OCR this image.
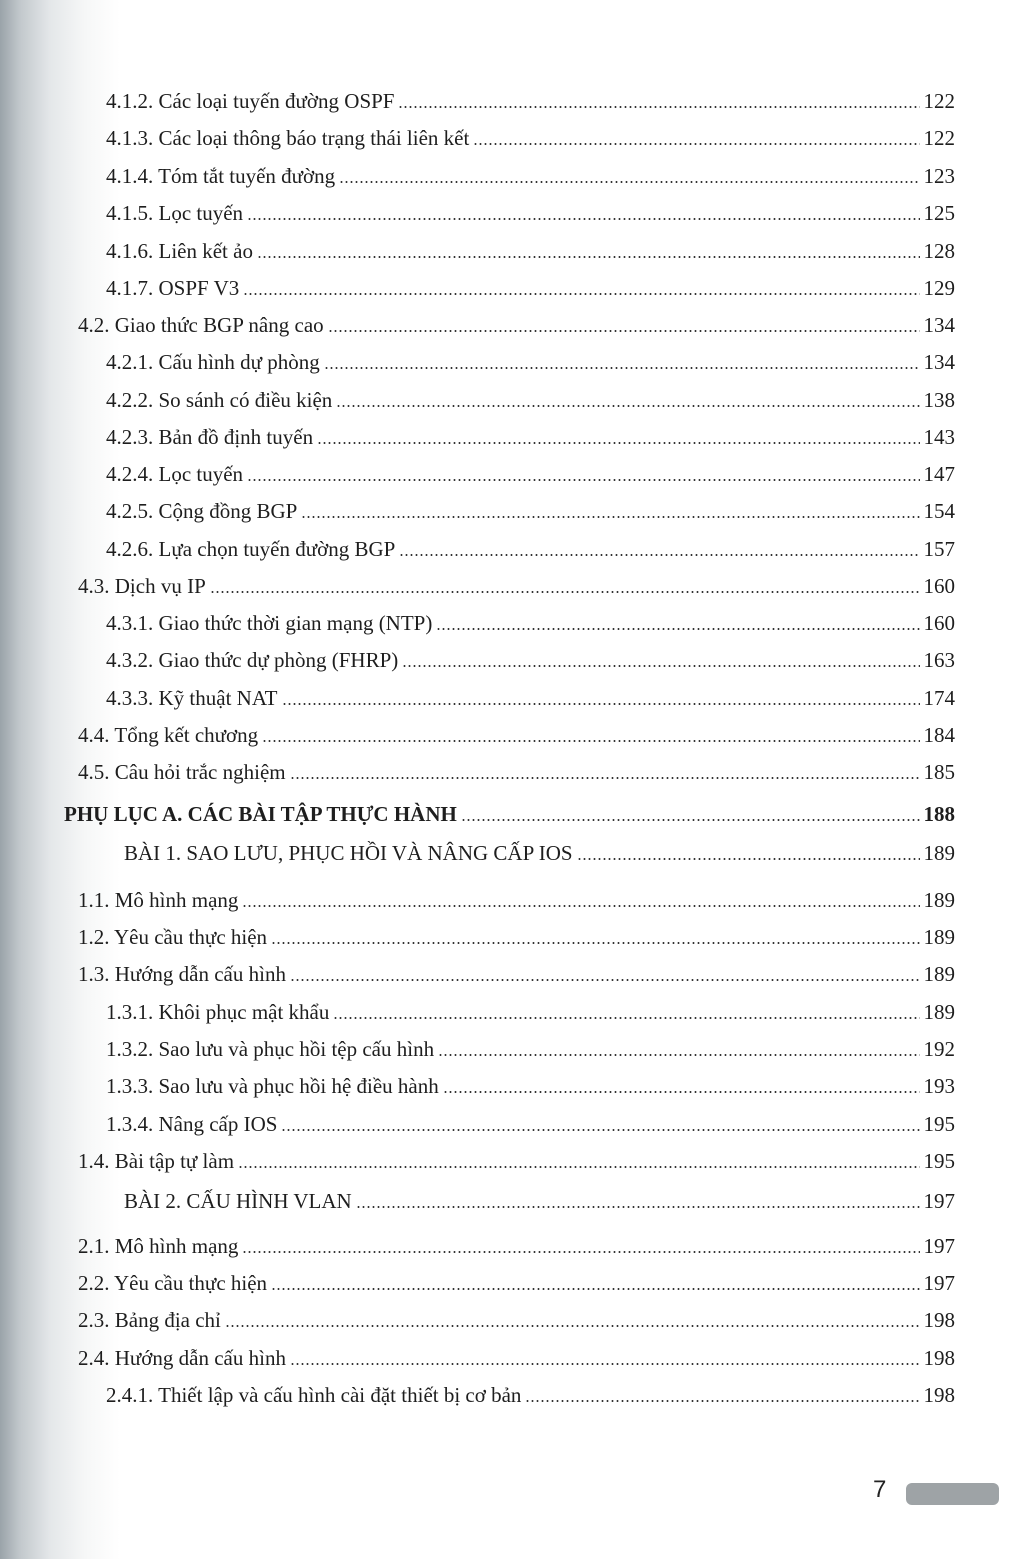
4.1.2. Các loại tuyến đường OSPF	122
4.1.3. Các loại thông báo trạng thái liên kết	122
4.1.4. Tóm tắt tuyến đường	123
4.1.5. Lọc tuyến	125
4.1.6. Liên kết ảo	128
4.1.7. OSPF V3	129
4.2. Giao thức BGP nâng cao	134
4.2.1. Cấu hình dự phòng	134
4.2.2. So sánh có điều kiện	138
4.2.3. Bản đồ định tuyến	143
4.2.4. Lọc tuyến	147
4.2.5. Cộng đồng BGP	154
4.2.6. Lựa chọn tuyến đường BGP	157
4.3. Dịch vụ IP	160
4.3.1. Giao thức thời gian mạng (NTP)	160
4.3.2. Giao thức dự phòng (FHRP)	163
4.3.3. Kỹ thuật NAT	174
4.4. Tổng kết chương	184
4.5. Câu hỏi trắc nghiệm	185
PHỤ LỤC A. CÁC BÀI TẬP THỰC HÀNH	188
BÀI 1. SAO LƯU, PHỤC HỒI VÀ NÂNG CẤP IOS	189
1.1. Mô hình mạng	189
1.2. Yêu cầu thực hiện	189
1.3. Hướng dẫn cấu hình	189
1.3.1. Khôi phục mật khẩu	189
1.3.2. Sao lưu và phục hồi tệp cấu hình	192
1.3.3. Sao lưu và phục hồi hệ điều hành	193
1.3.4. Nâng cấp IOS	195
1.4. Bài tập tự làm	195
BÀI 2. CẤU HÌNH VLAN	197
2.1. Mô hình mạng	197
2.2. Yêu cầu thực hiện	197
2.3. Bảng địa chỉ	198
2.4. Hướng dẫn cấu hình	198
2.4.1. Thiết lập và cấu hình cài đặt thiết bị cơ bản	198
7
